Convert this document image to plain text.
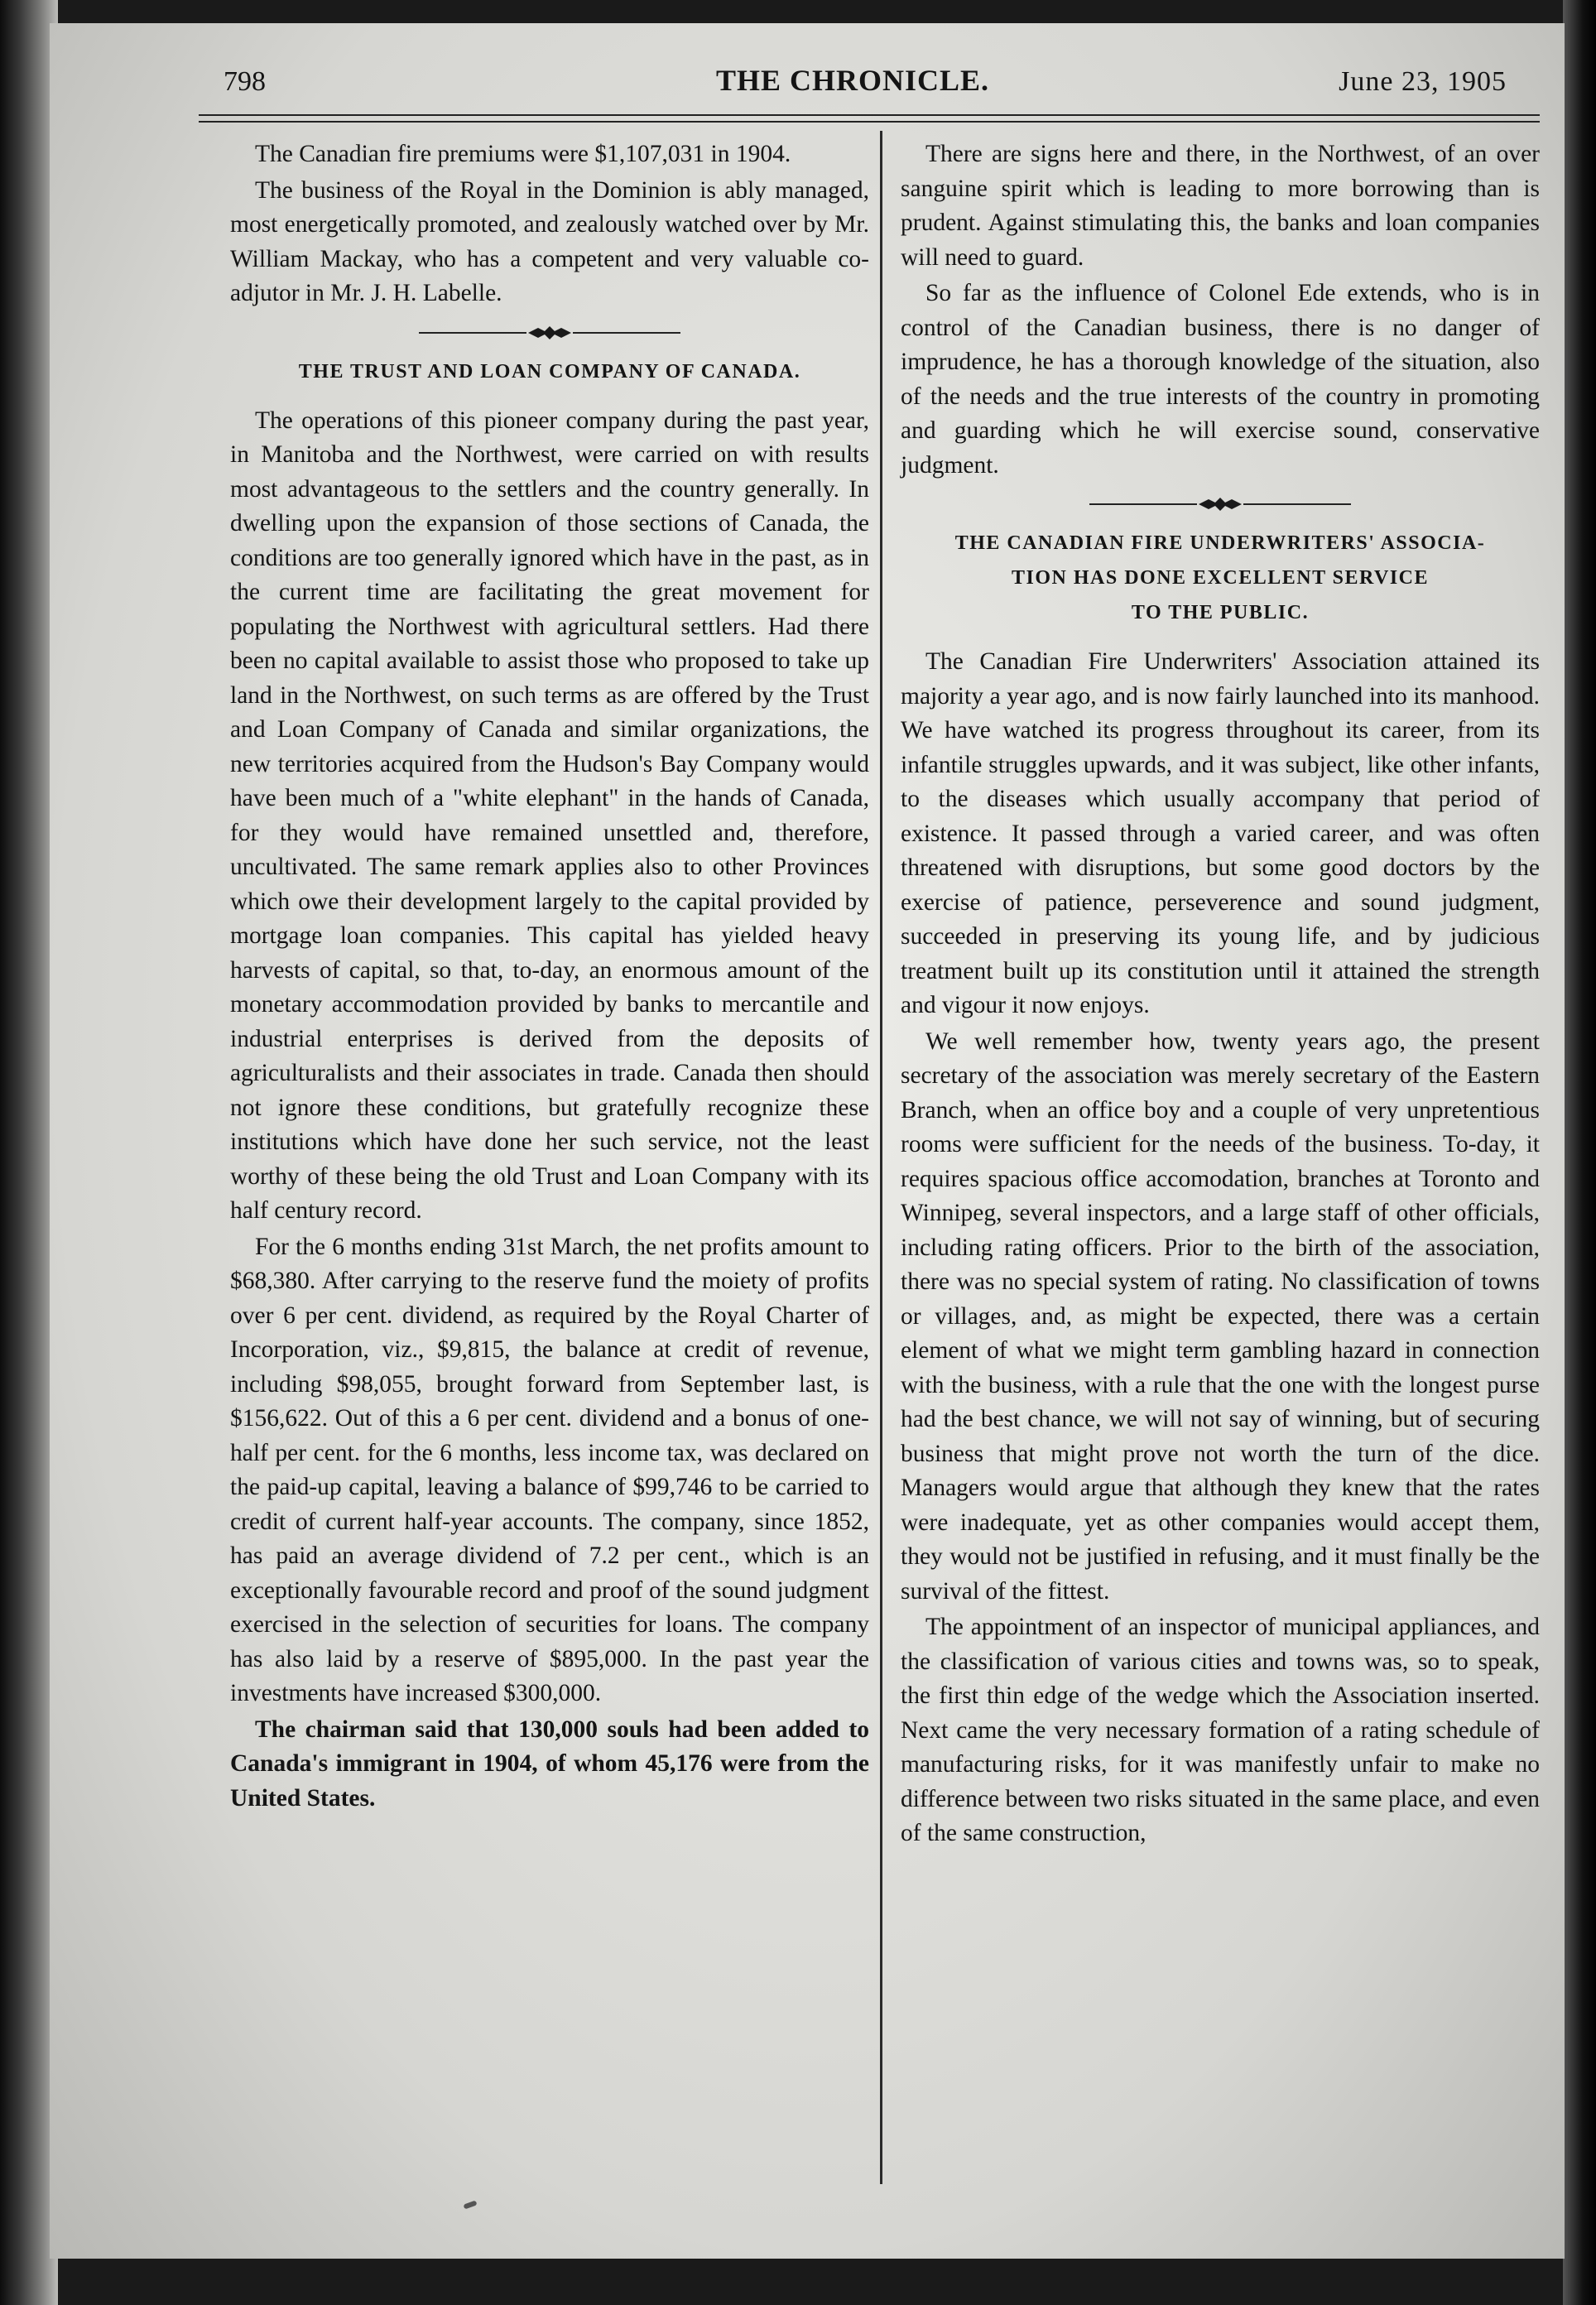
798	THE CHRONICLE.	June 23, 1905

The Canadian fire premiums were $1,107,031 in 1904.

The business of the Royal in the Dominion is ably managed, most energetically promoted, and zealously watched over by Mr. William Mackay, who has a competent and very valuable co-adjutor in Mr. J. H. Labelle.

THE TRUST AND LOAN COMPANY OF CANADA.

The operations of this pioneer company during the past year, in Manitoba and the Northwest, were carried on with results most advantageous to the settlers and the country generally. In dwelling upon the expansion of those sections of Canada, the conditions are too generally ignored which have in the past, as in the current time are facilitating the great movement for populating the Northwest with agricultural settlers. Had there been no capital available to assist those who proposed to take up land in the Northwest, on such terms as are offered by the Trust and Loan Company of Canada and similar organizations, the new territories acquired from the Hudson's Bay Company would have been much of a "white elephant" in the hands of Canada, for they would have remained unsettled and, therefore, uncultivated. The same remark applies also to other Provinces which owe their development largely to the capital provided by mortgage loan companies. This capital has yielded heavy harvests of capital, so that, to-day, an enormous amount of the monetary accommodation provided by banks to mercantile and industrial enterprises is derived from the deposits of agriculturalists and their associates in trade. Canada then should not ignore these conditions, but gratefully recognize these institutions which have done her such service, not the least worthy of these being the old Trust and Loan Company with its half century record.

For the 6 months ending 31st March, the net profits amount to $68,380. After carrying to the reserve fund the moiety of profits over 6 per cent. dividend, as required by the Royal Charter of Incorporation, viz., $9,815, the balance at credit of revenue, including $98,055, brought forward from September last, is $156,622. Out of this a 6 per cent. dividend and a bonus of one-half per cent. for the 6 months, less income tax, was declared on the paid-up capital, leaving a balance of $99,746 to be carried to credit of current half-year accounts. The company, since 1852, has paid an average dividend of 7.2 per cent., which is an exceptionally favourable record and proof of the sound judgment exercised in the selection of securities for loans. The company has also laid by a reserve of $895,000. In the past year the investments have increased $300,000.

The chairman said that 130,000 souls had been added to Canada's immigrant in 1904, of whom 45,176 were from the United States.

There are signs here and there, in the Northwest, of an over sanguine spirit which is leading to more borrowing than is prudent. Against stimulating this, the banks and loan companies will need to guard.

So far as the influence of Colonel Ede extends, who is in control of the Canadian business, there is no danger of imprudence, he has a thorough knowledge of the situation, also of the needs and the true interests of the country in promoting and guarding which he will exercise sound, conservative judgment.

THE CANADIAN FIRE UNDERWRITERS' ASSOCIA-
TION HAS DONE EXCELLENT SERVICE
TO THE PUBLIC.

The Canadian Fire Underwriters' Association attained its majority a year ago, and is now fairly launched into its manhood. We have watched its progress throughout its career, from its infantile struggles upwards, and it was subject, like other infants, to the diseases which usually accompany that period of existence. It passed through a varied career, and was often threatened with disruptions, but some good doctors by the exercise of patience, perseverence and sound judgment, succeeded in preserving its young life, and by judicious treatment built up its constitution until it attained the strength and vigour it now enjoys.

We well remember how, twenty years ago, the present secretary of the association was merely secretary of the Eastern Branch, when an office boy and a couple of very unpretentious rooms were sufficient for the needs of the business. To-day, it requires spacious office accomodation, branches at Toronto and Winnipeg, several inspectors, and a large staff of other officials, including rating officers. Prior to the birth of the association, there was no special system of rating. No classification of towns or villages, and, as might be expected, there was a certain element of what we might term gambling hazard in connection with the business, with a rule that the one with the longest purse had the best chance, we will not say of winning, but of securing business that might prove not worth the turn of the dice. Managers would argue that although they knew that the rates were inadequate, yet as other companies would accept them, they would not be justified in refusing, and it must finally be the survival of the fittest.

The appointment of an inspector of municipal appliances, and the classification of various cities and towns was, so to speak, the first thin edge of the wedge which the Association inserted. Next came the very necessary formation of a rating schedule of manufacturing risks, for it was manifestly unfair to make no difference between two risks situated in the same place, and even of the same construction,
